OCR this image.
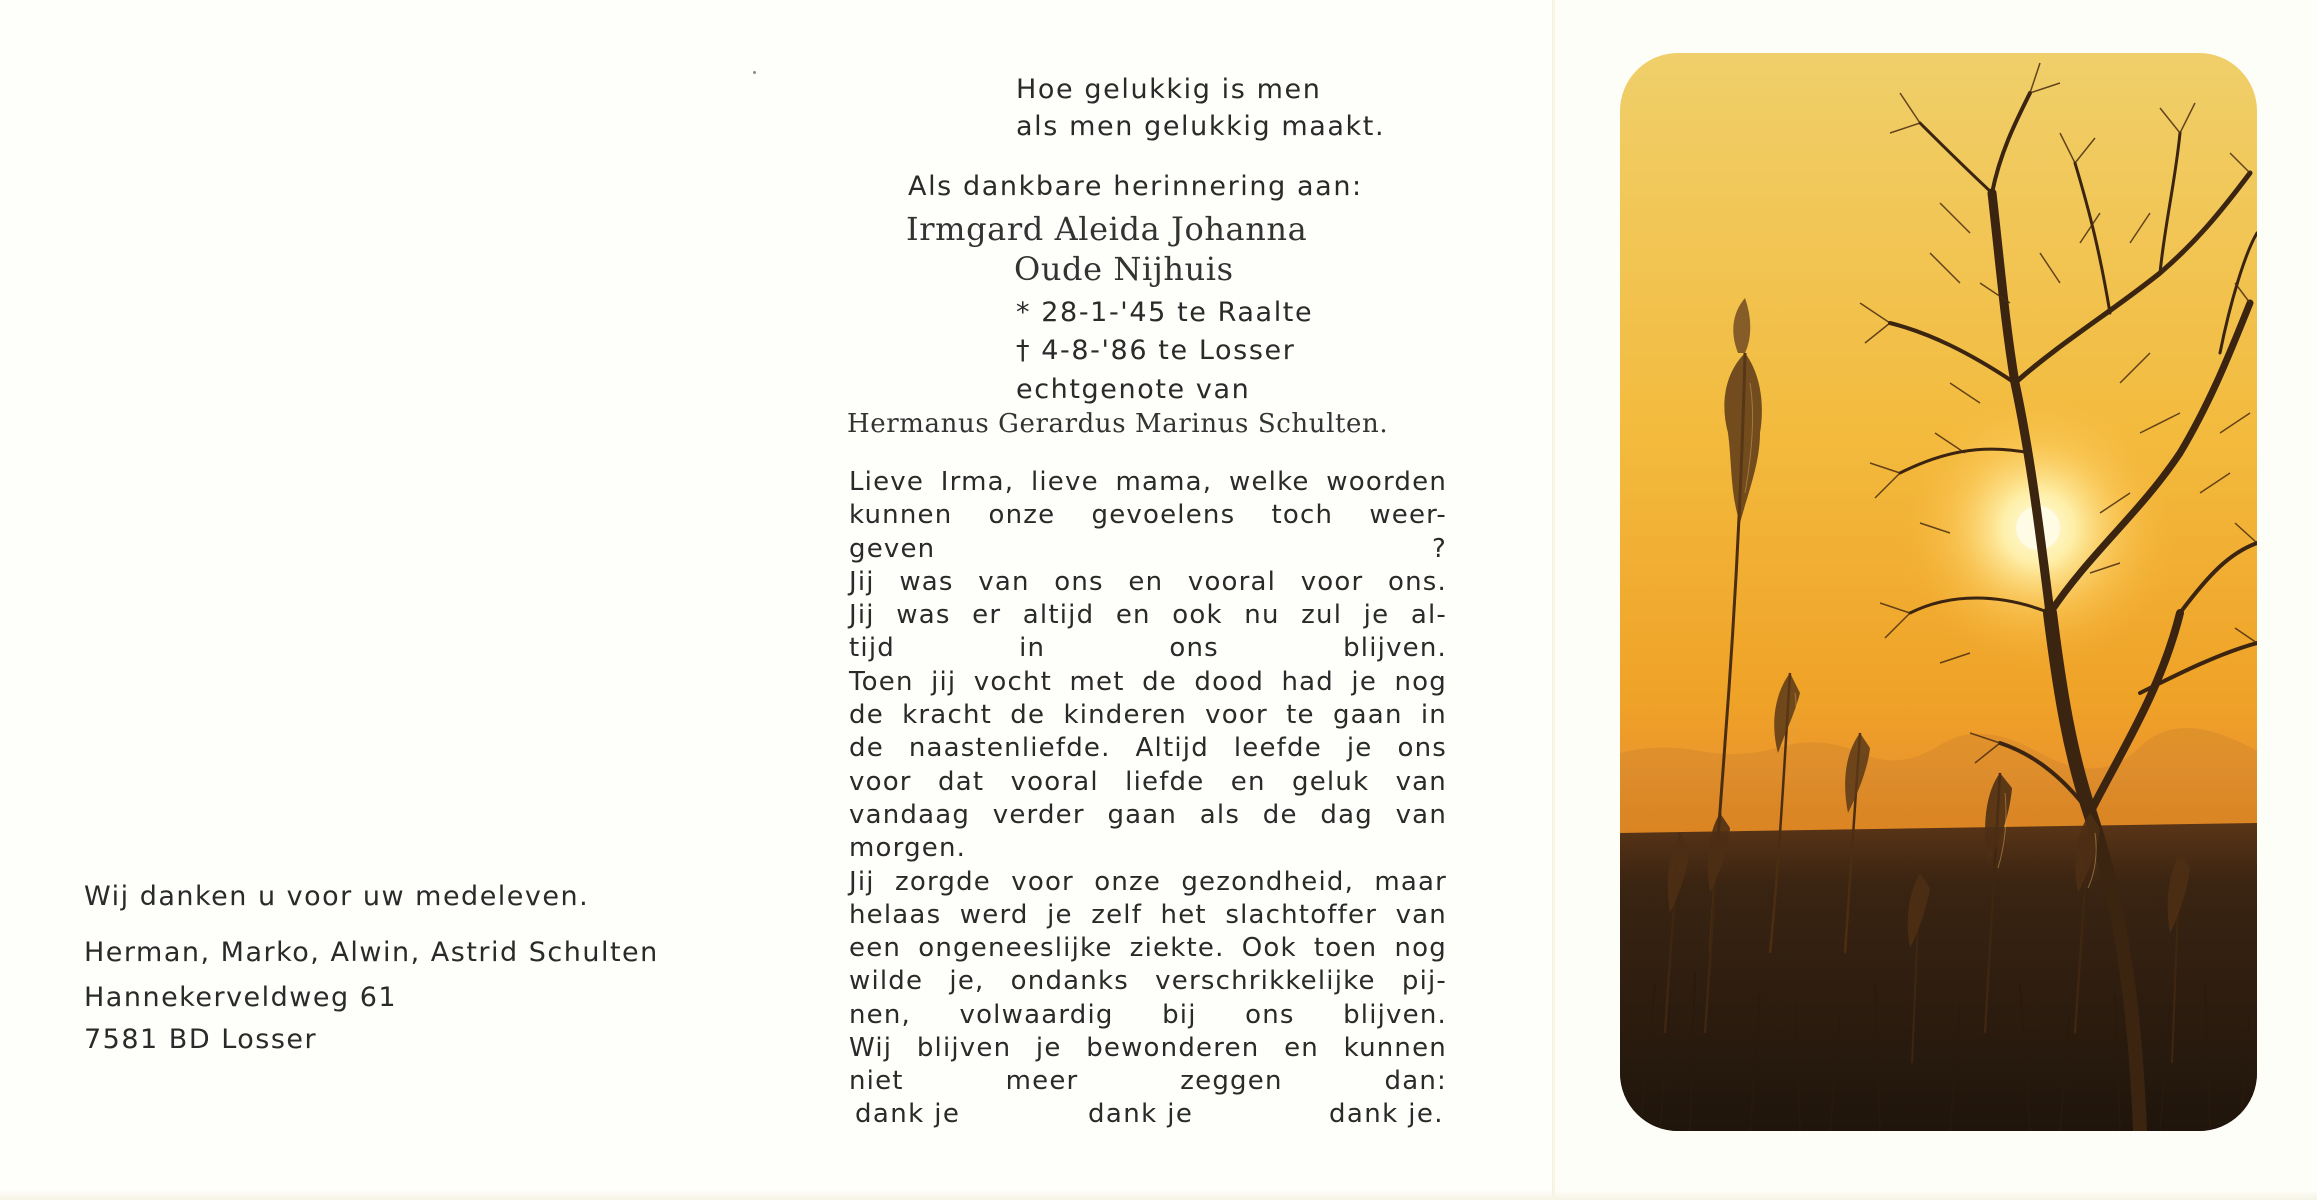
Wij danken u voor uw medeleven.
Herman, Marko, Alwin, Astrid Schulten
Hannekerveldweg 61
7581 BD Losser
Hoe gelukkig is men
als men gelukkig maakt.
Als dankbare herinnering aan:
Irmgard Aleida Johanna
Oude Nijhuis
* 28-1-'45 te Raalte
† 4-8-'86 te Losser
echtgenote van
Hermanus Gerardus Marinus Schulten.
Lieve Irma, lieve mama, welke woorden
kunnen onze gevoelens toch weer-
geven ?
Jij was van ons en vooral voor ons.
Jij was er altijd en ook nu zul je al-
tijd in ons blijven.
Toen jij vocht met de dood had je nog
de kracht de kinderen voor te gaan in
de naastenliefde. Altijd leefde je ons
voor dat vooral liefde en geluk van
vandaag verder gaan als de dag van
morgen.
Jij zorgde voor onze gezondheid, maar
helaas werd je zelf het slachtoffer van
een ongeneeslijke ziekte. Ook toen nog
wilde je, ondanks verschrikkelijke pij-
nen, volwaardig bij ons blijven.
Wij blijven je bewonderen en kunnen
niet meer zeggen dan:
dank je	dank je	dank je.
